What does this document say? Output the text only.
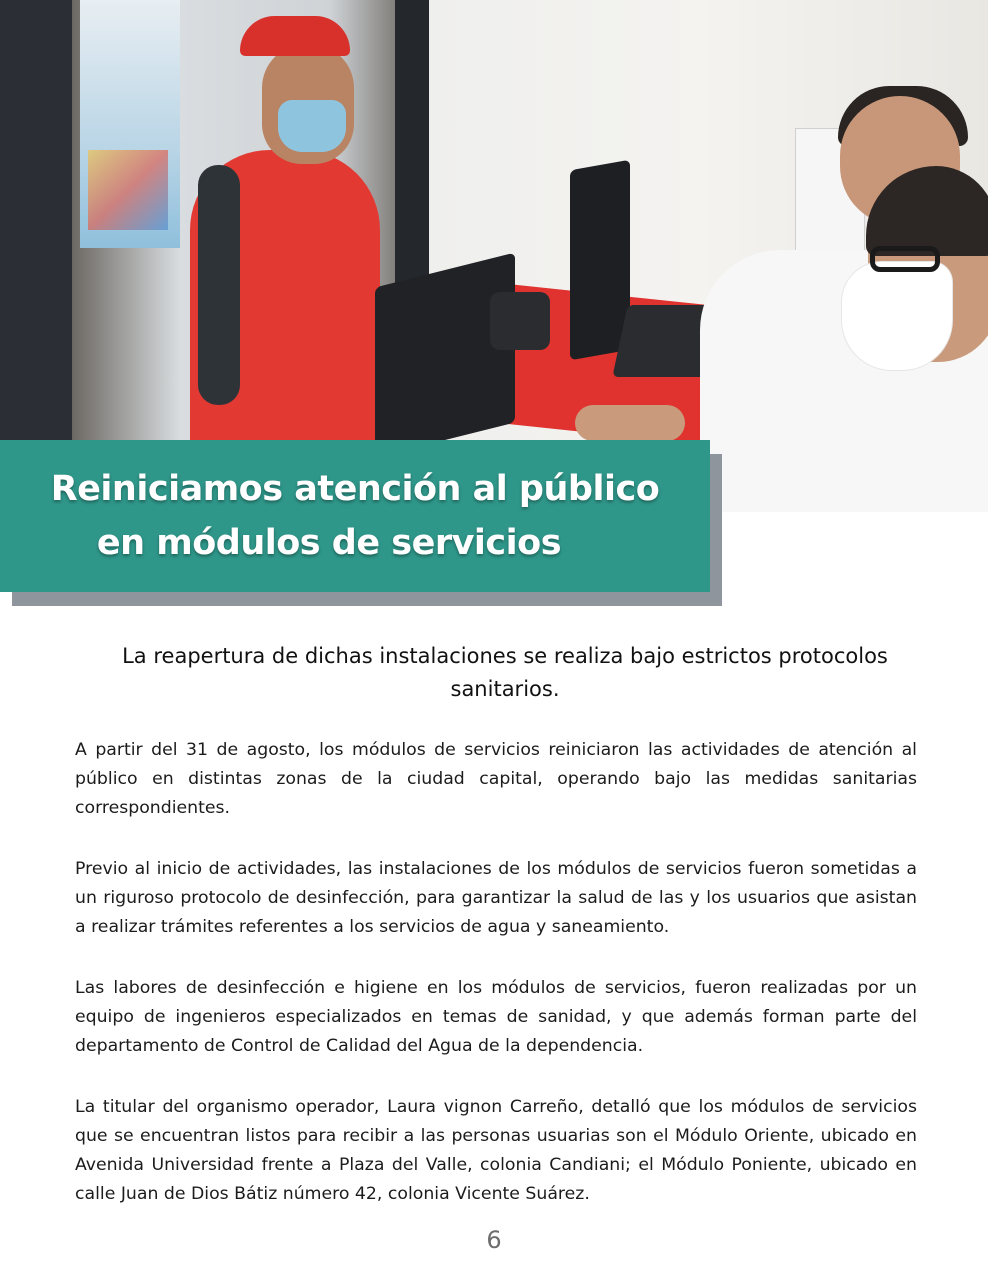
Reiniciamos atención al público
en módulos de servicios
La reapertura de dichas instalaciones se realiza bajo estrictos protocolos
sanitarios.

A partir del 31 de agosto, los módulos de servicios reiniciaron las actividades de atención al público en distintas zonas de la ciudad capital, operando bajo las medidas sanitarias correspondientes.

Previo al inicio de actividades, las instalaciones de los módulos de servicios fueron sometidas a un riguroso protocolo de desinfección, para garantizar la salud de las y los usuarios que asistan a realizar trámites referentes a los servicios de agua y saneamiento.

Las labores de desinfección e higiene en los módulos de servicios, fueron realizadas por un equipo de ingenieros especializados en temas de sanidad, y que además forman parte del departamento de Control de Calidad del Agua de la dependencia.

La titular del organismo operador, Laura vignon Carreño, detalló que los módulos de servicios que se encuentran listos para recibir a las personas usuarias son el Módulo Oriente, ubicado en Avenida Universidad frente a Plaza del Valle, colonia Candiani; el Módulo Poniente, ubicado en calle Juan de Dios Bátiz número 42, colonia Vicente Suárez.

6
